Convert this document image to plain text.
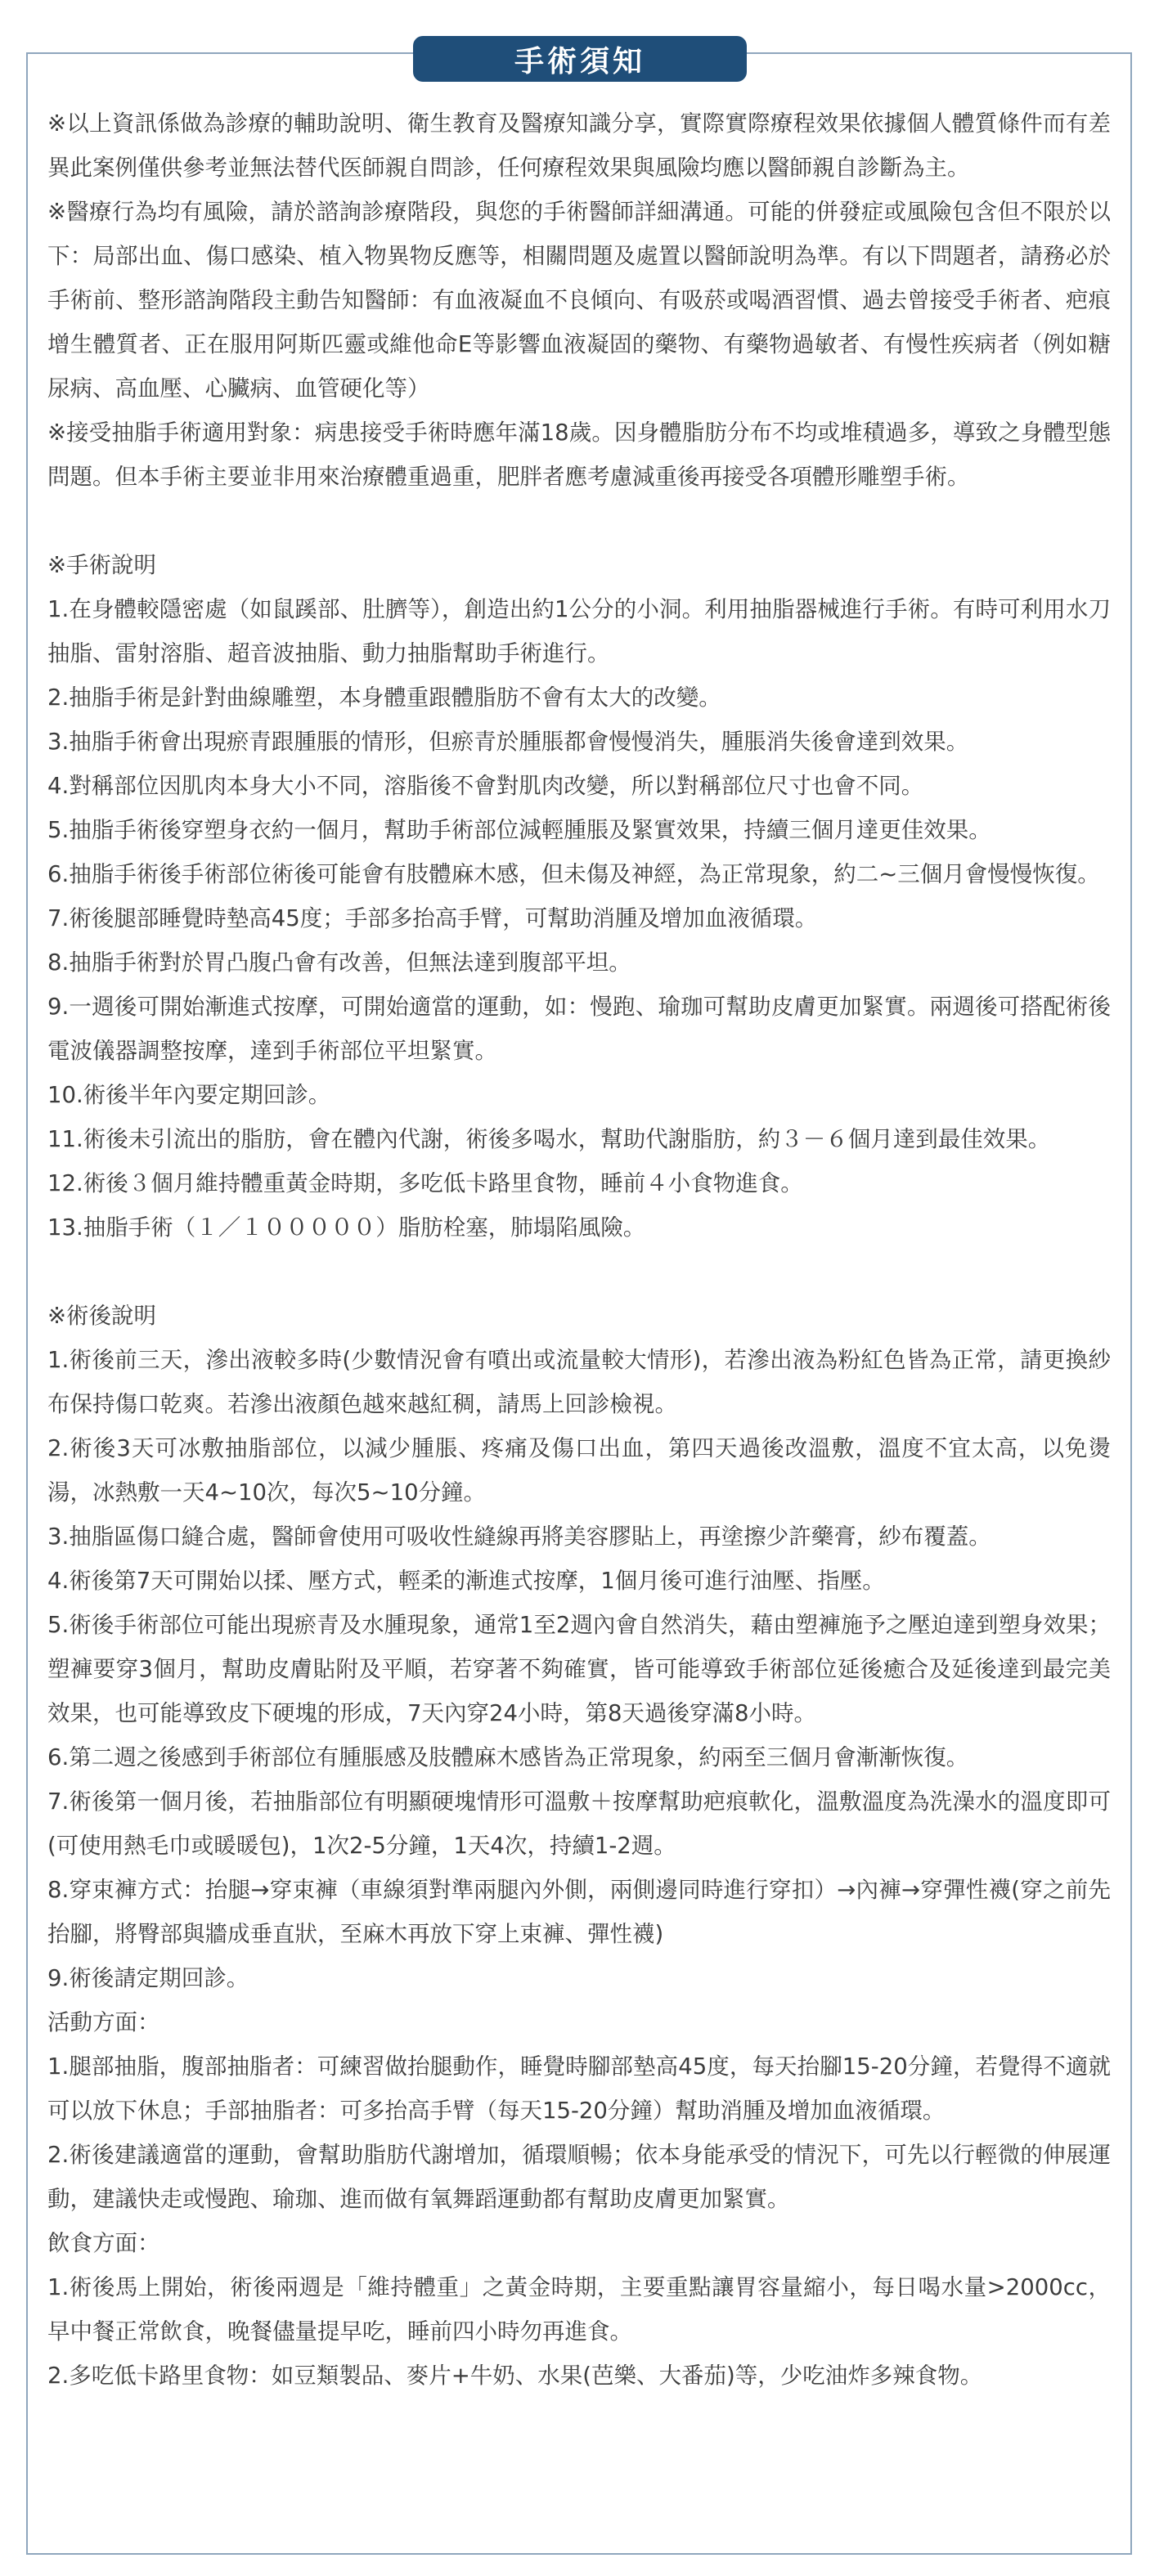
手術須知

※以上資訊係做為診療的輔助說明、衛生教育及醫療知識分享，實際實際療程效果依據個人體質條件而有差異此案例僅供參考並無法替代医師親自問診，任何療程效果與風險均應以醫師親自診斷為主。

※醫療行為均有風險，請於諮詢診療階段，與您的手術醫師詳細溝通。可能的併發症或風險包含但不限於以下：局部出血、傷口感染、植入物異物反應等，相關問題及處置以醫師說明為準。有以下問題者，請務必於手術前、整形諮詢階段主動告知醫師：有血液凝血不良傾向、有吸菸或喝酒習慣、過去曾接受手術者、疤痕增生體質者、正在服用阿斯匹靈或維他命E等影響血液凝固的藥物、有藥物過敏者、有慢性疾病者（例如糖尿病、高血壓、心臟病、血管硬化等）

※接受抽脂手術適用對象：病患接受手術時應年滿18歲。因身體脂肪分布不均或堆積過多，導致之身體型態問題。但本手術主要並非用來治療體重過重，肥胖者應考慮減重後再接受各項體形雕塑手術。

※手術說明

1.在身體較隱密處（如鼠蹊部、肚臍等），創造出約1公分的小洞。利用抽脂器械進行手術。有時可利用水刀抽脂、雷射溶脂、超音波抽脂、動力抽脂幫助手術進行。

2.抽脂手術是針對曲線雕塑，本身體重跟體脂肪不會有太大的改變。

3.抽脂手術會出現瘀青跟腫脹的情形，但瘀青於腫脹都會慢慢消失，腫脹消失後會達到效果。

4.對稱部位因肌肉本身大小不同，溶脂後不會對肌肉改變，所以對稱部位尺寸也會不同。

5.抽脂手術後穿塑身衣約一個月，幫助手術部位減輕腫脹及緊實效果，持續三個月達更佳效果。

6.抽脂手術後手術部位術後可能會有肢體麻木感，但未傷及神經，為正常現象，約二~三個月會慢慢恢復。

7.術後腿部睡覺時墊高45度；手部多抬高手臂，可幫助消腫及增加血液循環。

8.抽脂手術對於胃凸腹凸會有改善，但無法達到腹部平坦。

9.一週後可開始漸進式按摩，可開始適當的運動，如：慢跑、瑜珈可幫助皮膚更加緊實。兩週後可搭配術後電波儀器調整按摩，達到手術部位平坦緊實。

10.術後半年內要定期回診。

11.術後未引流出的脂肪，會在體內代謝，術後多喝水，幫助代謝脂肪，約３－６個月達到最佳效果。

12.術後３個月維持體重黃金時期，多吃低卡路里食物，睡前４小食物進食。

13.抽脂手術（１／１０００００）脂肪栓塞，肺塌陷風險。

※術後說明

1.術後前三天，滲出液較多時(少數情況會有噴出或流量較大情形)，若滲出液為粉紅色皆為正常，請更換紗布保持傷口乾爽。若滲出液顏色越來越紅稠，請馬上回診檢視。

2.術後3天可冰敷抽脂部位，以減少腫脹、疼痛及傷口出血，第四天過後改溫敷，溫度不宜太高，以免燙湯，冰熱敷一天4~10次，每次5~10分鐘。

3.抽脂區傷口縫合處，醫師會使用可吸收性縫線再將美容膠貼上，再塗擦少許藥膏，紗布覆蓋。

4.術後第7天可開始以揉、壓方式，輕柔的漸進式按摩，1個月後可進行油壓、指壓。

5.術後手術部位可能出現瘀青及水腫現象，通常1至2週內會自然消失，藉由塑褲施予之壓迫達到塑身效果；塑褲要穿3個月，幫助皮膚貼附及平順，若穿著不夠確實，皆可能導致手術部位延後癒合及延後達到最完美效果，也可能導致皮下硬塊的形成，7天內穿24小時，第8天過後穿滿8小時。

6.第二週之後感到手術部位有腫脹感及肢體麻木感皆為正常現象，約兩至三個月會漸漸恢復。

7.術後第一個月後，若抽脂部位有明顯硬塊情形可溫敷＋按摩幫助疤痕軟化，溫敷溫度為洗澡水的溫度即可(可使用熱毛巾或暖暖包)，1次2-5分鐘，1天4次，持續1-2週。

8.穿束褲方式：抬腿→穿束褲（車線須對準兩腿內外側，兩側邊同時進行穿扣）→內褲→穿彈性襪(穿之前先抬腳，將臀部與牆成垂直狀，至麻木再放下穿上束褲、彈性襪)

9.術後請定期回診。

活動方面：

1.腿部抽脂，腹部抽脂者：可練習做抬腿動作，睡覺時腳部墊高45度，每天抬腳15-20分鐘，若覺得不適就可以放下休息；手部抽脂者：可多抬高手臂（每天15-20分鐘）幫助消腫及增加血液循環。

2.術後建議適當的運動，會幫助脂肪代謝增加，循環順暢；依本身能承受的情況下，可先以行輕微的伸展運動，建議快走或慢跑、瑜珈、進而做有氧舞蹈運動都有幫助皮膚更加緊實。

飲食方面：

1.術後馬上開始，術後兩週是「維持體重」之黃金時期，主要重點讓胃容量縮小，每日喝水量>2000cc，早中餐正常飲食，晚餐儘量提早吃，睡前四小時勿再進食。

2.多吃低卡路里食物：如豆類製品、麥片+牛奶、水果(芭樂、大番茄)等，少吃油炸多辣食物。
